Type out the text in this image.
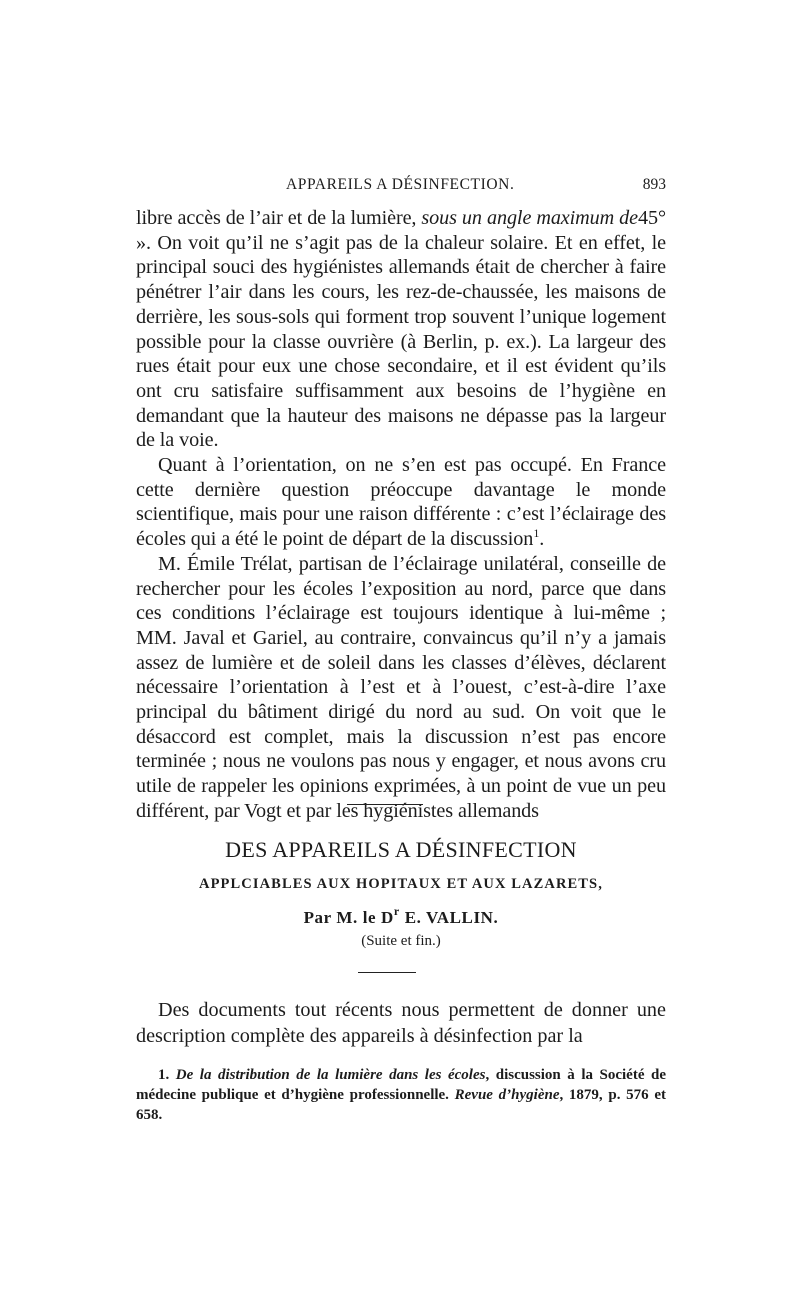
APPAREILS A DÉSINFECTION.	893

libre accès de l’air et de la lumière, sous un angle maximum de45° ». On voit qu’il ne s’agit pas de la chaleur solaire. Et en effet, le principal souci des hygiénistes allemands était de chercher à faire pénétrer l’air dans les cours, les rez-de-chaussée, les maisons de derrière, les sous-sols qui forment trop souvent l’unique logement possible pour la classe ouvrière (à Berlin, p. ex.). La largeur des rues était pour eux une chose secondaire, et il est évident qu’ils ont cru satisfaire suffisamment aux besoins de l’hygiène en demandant que la hauteur des maisons ne dépasse pas la largeur de la voie.

Quant à l’orientation, on ne s’en est pas occupé. En France cette dernière question préoccupe davantage le monde scientifique, mais pour une raison différente : c’est l’éclairage des écoles qui a été le point de départ de la discussion$^1$.

M. Émile Trélat, partisan de l’éclairage unilatéral, conseille de rechercher pour les écoles l’exposition au nord, parce que dans ces conditions l’éclairage est toujours identique à lui-même ; MM. Javal et Gariel, au contraire, convaincus qu’il n’y a jamais assez de lumière et de soleil dans les classes d’élèves, déclarent nécessaire l’orientation à l’est et à l’ouest, c’est-à-dire l’axe principal du bâtiment dirigé du nord au sud. On voit que le désaccord est complet, mais la discussion n’est pas encore terminée ; nous ne voulons pas nous y engager, et nous avons cru utile de rappeler les opinions exprimées, à un point de vue un peu différent, par Vogt et par les hygiénistes allemands

DES APPAREILS A DÉSINFECTION
APPLCIABLES AUX HOPITAUX ET AUX LAZARETS,
Par M. le $D^r$ E. VALLIN.
(Suite et fin.)

Des documents tout récents nous permettent de donner une description complète des appareils à désinfection par la

1. De la distribution de la lumière dans les écoles, discussion à la Société de médecine publique et d’hygiène professionnelle. Revue d’hygiène, 1879, p. 576 et 658.
